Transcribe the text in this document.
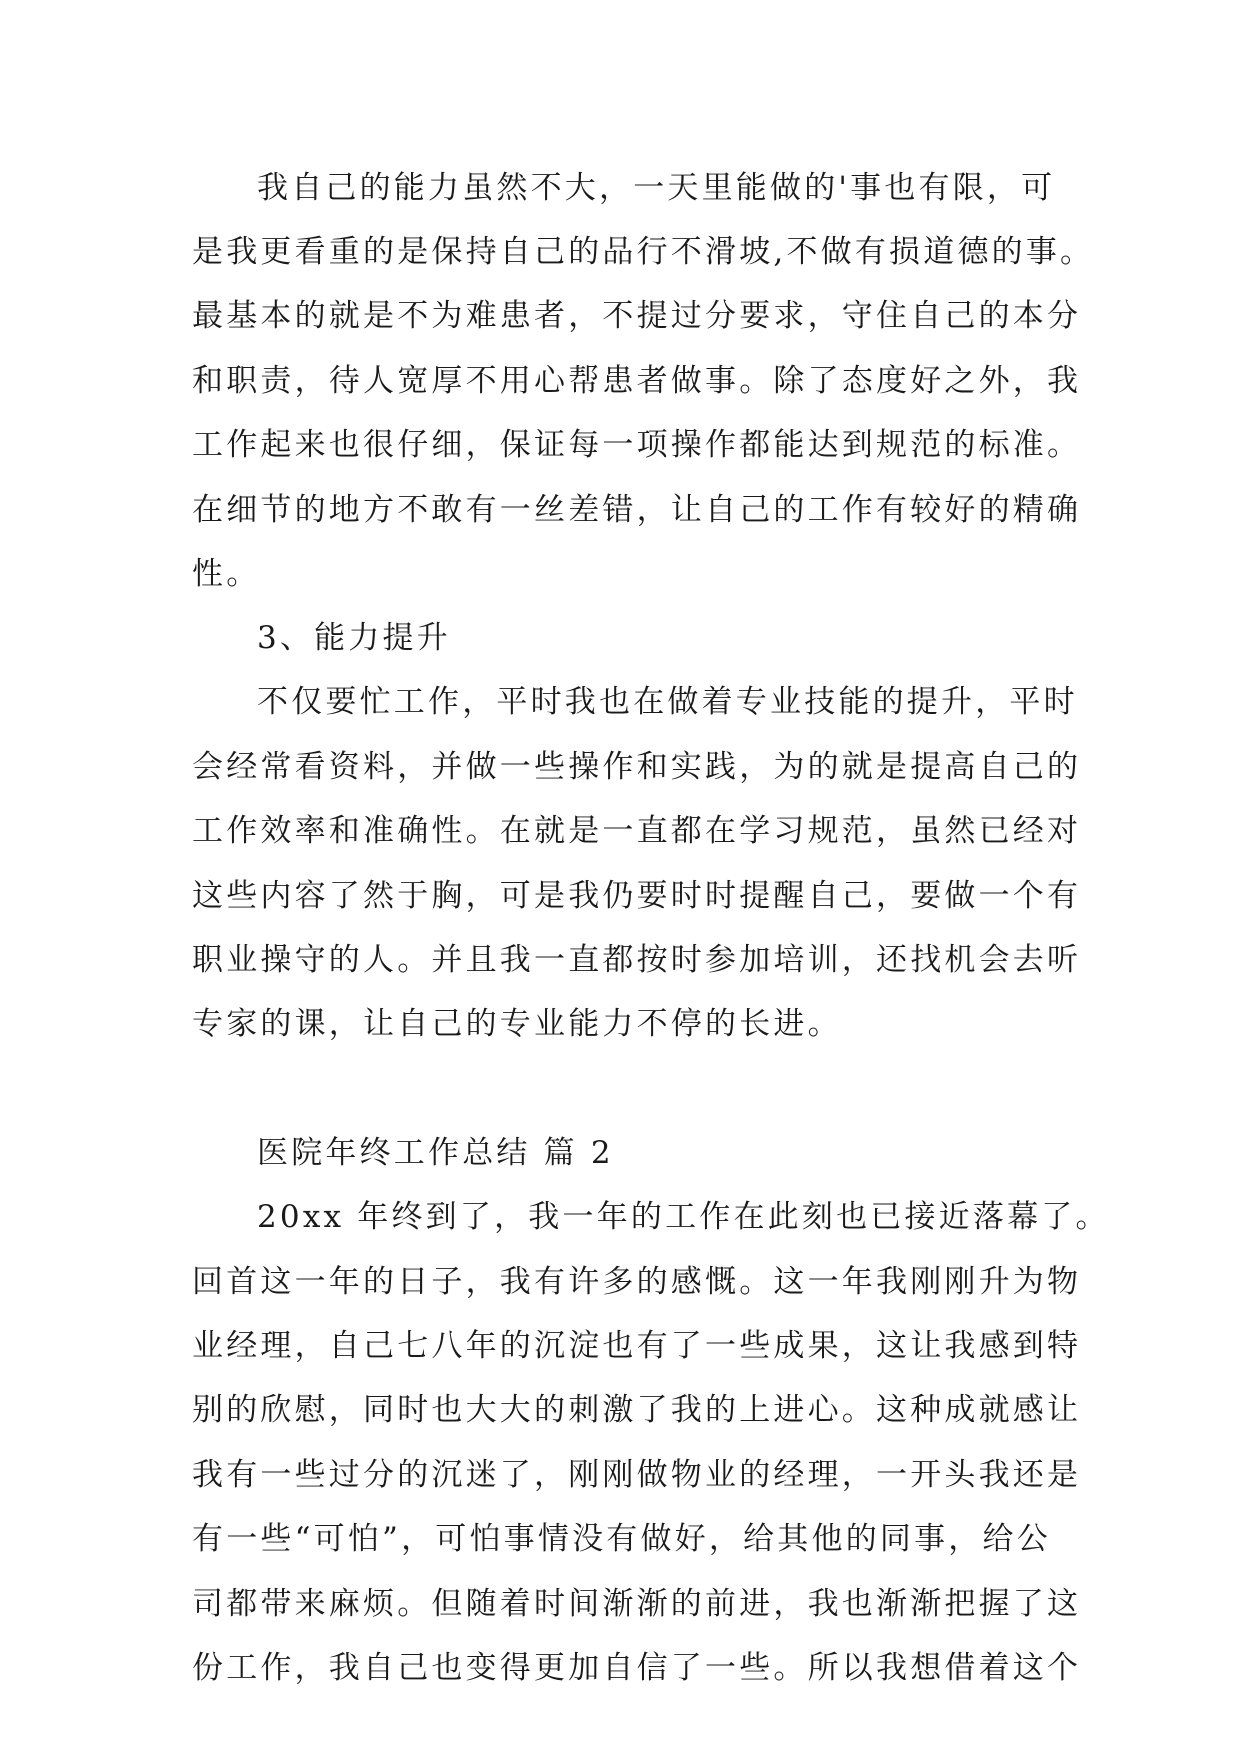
我自己的能力虽然不大，一天里能做的'事也有限，可
是我更看重的是保持自己的品行不滑坡,不做有损道德的事。
最基本的就是不为难患者，不提过分要求，守住自己的本分
和职责，待人宽厚不用心帮患者做事。除了态度好之外，我
工作起来也很仔细，保证每一项操作都能达到规范的标准。
在细节的地方不敢有一丝差错，让自己的工作有较好的精确
性。
3、能力提升
不仅要忙工作，平时我也在做着专业技能的提升，平时
会经常看资料，并做一些操作和实践，为的就是提高自己的
工作效率和准确性。在就是一直都在学习规范，虽然已经对
这些内容了然于胸，可是我仍要时时提醒自己，要做一个有
职业操守的人。并且我一直都按时参加培训，还找机会去听
专家的课，让自己的专业能力不停的长进。
医院年终工作总结 篇 2
20xx 年终到了，我一年的工作在此刻也已接近落幕了。
回首这一年的日子，我有许多的感慨。这一年我刚刚升为物
业经理，自己七八年的沉淀也有了一些成果，这让我感到特
别的欣慰，同时也大大的刺激了我的上进心。这种成就感让
我有一些过分的沉迷了，刚刚做物业的经理，一开头我还是
有一些“可怕”，可怕事情没有做好，给其他的同事，给公
司都带来麻烦。但随着时间渐渐的前进，我也渐渐把握了这
份工作，我自己也变得更加自信了一些。所以我想借着这个
